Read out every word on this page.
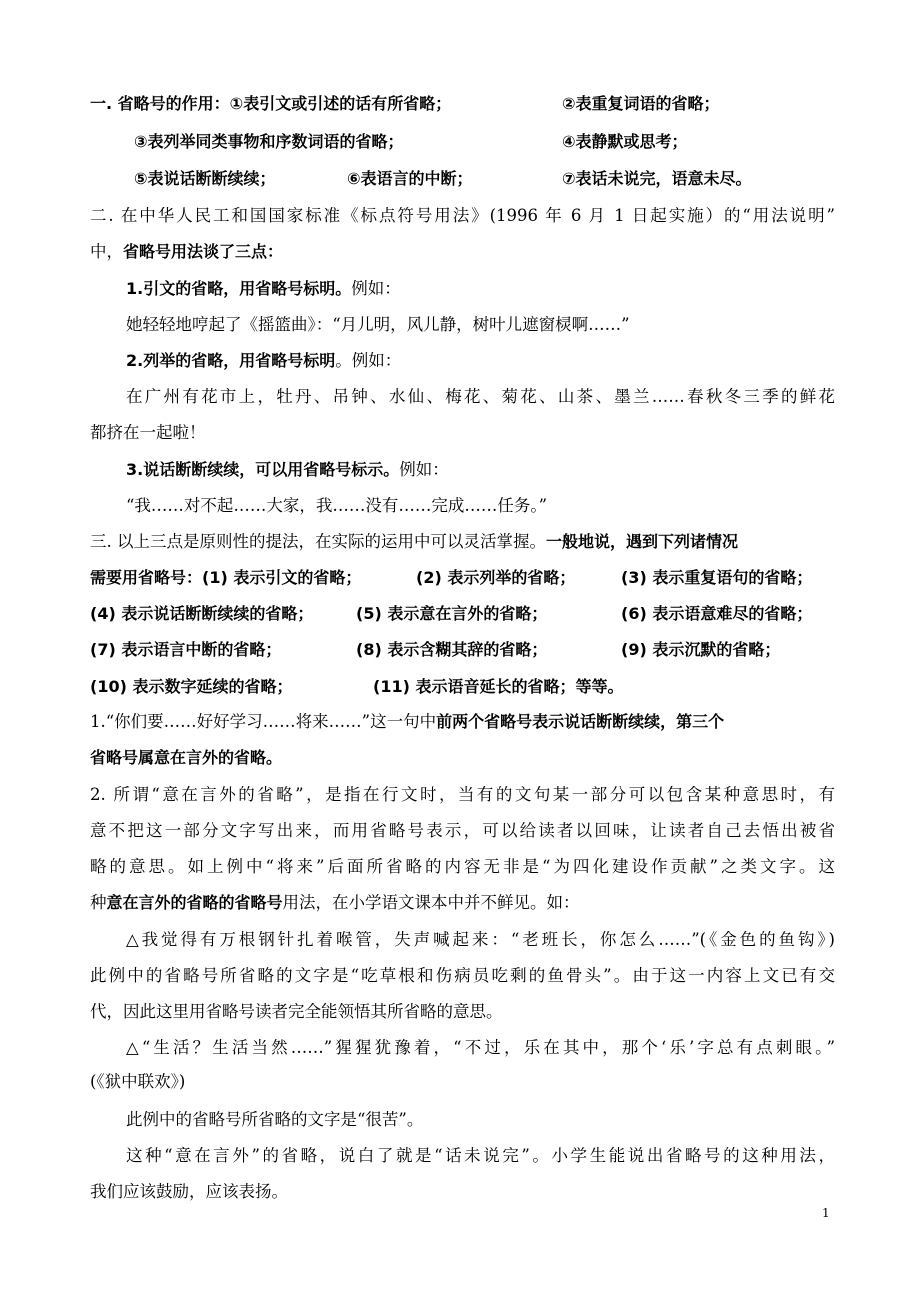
一. 省略号的作用：①表引文或引述的话有所省略；	②表重复词语的省略；
③表列举同类事物和序数词语的省略；	④表静默或思考；
⑤表说话断断续续；	⑥表语言的中断；	⑦表话未说完，语意未尽。
二. 在中华人民工和国国家标准《标点符号用法》(1996 年 6 月 1 日起实施）的“用法说明”
中，省略号用法谈了三点：
1.引文的省略，用省略号标明。例如：
她轻轻地哼起了《摇篮曲》：“月儿明，风儿静，树叶儿遮窗棂啊……”
2.列举的省略，用省略号标明。例如：
在广州有花市上，牡丹、吊钟、水仙、梅花、菊花、山茶、墨兰……春秋冬三季的鲜花
都挤在一起啦！
3.说话断断续续，可以用省略号标示。例如：
“我……对不起……大家，我……没有……完成……任务。”
三. 以上三点是原则性的提法，在实际的运用中可以灵活掌握。一般地说，遇到下列诸情况
需要用省略号：(1) 表示引文的省略；	(2) 表示列举的省略；	(3) 表示重复语句的省略；
(4) 表示说话断断续续的省略；	(5) 表示意在言外的省略；	(6) 表示语意难尽的省略；
(7) 表示语言中断的省略；	(8) 表示含糊其辞的省略；	(9) 表示沉默的省略；
(10) 表示数字延续的省略；	(11) 表示语音延长的省略；等等。
1.“你们要……好好学习……将来……”这一句中前两个省略号表示说话断断续续，第三个
省略号属意在言外的省略。
2. 所谓“意在言外的省略”，是指在行文时，当有的文句某一部分可以包含某种意思时，有
意不把这一部分文字写出来，而用省略号表示，可以给读者以回味，让读者自己去悟出被省
略的意思。如上例中“将来”后面所省略的内容无非是“为四化建设作贡献”之类文字。这
种意在言外的省略的省略号用法，在小学语文课本中并不鲜见。如：
△我觉得有万根钢针扎着喉管，失声喊起来：“老班长，你怎么……”(《金色的鱼钩》)
此例中的省略号所省略的文字是“吃草根和伤病员吃剩的鱼骨头”。由于这一内容上文已有交
代，因此这里用省略号读者完全能领悟其所省略的意思。
△“生活？生活当然……”猩猩犹豫着，“不过，乐在其中，那个‘乐’字总有点刺眼。”
(《狱中联欢》)
此例中的省略号所省略的文字是“很苦”。
这种“意在言外”的省略，说白了就是“话未说完”。小学生能说出省略号的这种用法，
我们应该鼓励，应该表扬。
1
